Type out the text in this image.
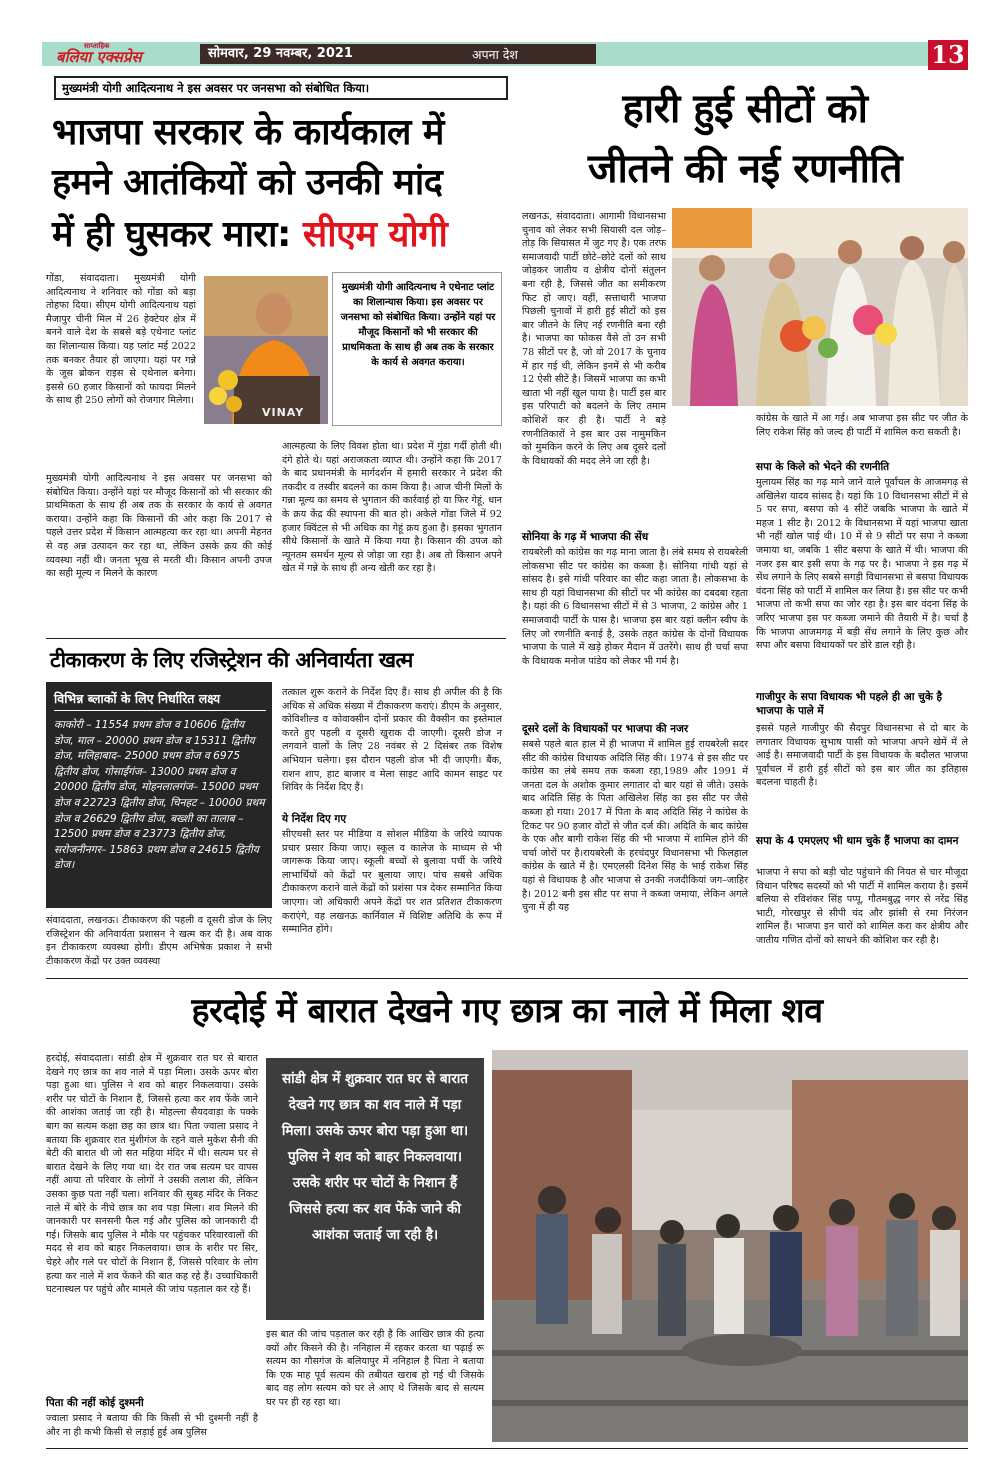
साप्ताहिक
बलिया एक्सप्रेस	सोमवार, 29 नवम्बर, 2021	अपना देश	13
मुख्यमंत्री योगी आदित्यनाथ ने इस अवसर पर जनसभा को संबोधित किया।
भाजपा सरकार के कार्यकाल में
हमने आतंकियों को उनकी मांद
में ही घुसकर मारा: सीएम योगी
गोंडा, संवाददाता। मुख्यमंत्री योगी आदित्यनाथ ने शनिवार को गोंडा को बड़ा तोहफा दिया। सीएम योगी आदित्यनाथ यहां मैजापुर चीनी मिल में 26 हेक्टेयर क्षेत्र में बनने वाले देश के सबसे बड़े एथेनाट प्लांट का शिलान्यास किया। यह प्लांट मई 2022 तक बनकर तैयार हो जाएगा। यहां पर गन्ने के जूस ब्रोकन राइस से एथेनाल बनेगा। इससे 60 हजार किसानों को फायदा मिलने के साथ ही 250 लोगों को रोजगार मिलेगा।
VINAY
मुख्यमंत्री योगी आदित्यनाथ ने एथेनाट प्लांट का शिलान्यास किया। इस अवसर पर जनसभा को संबोधित किया। उन्होंने यहां पर मौजूद किसानों को भी सरकार की प्राथमिकता के साथ ही अब तक के सरकार के कार्य से अवगत कराया।
मुख्यमंत्री योगी आदित्यनाथ ने इस अवसर पर जनसभा को संबोधित किया। उन्होंने यहां पर मौजूद किसानों को भी सरकार की प्राथमिकता के साथ ही अब तक के सरकार के कार्य से अवगत कराया। उन्होंने कहा कि किसानों की ओर कहा कि 2017 से पहले उत्तर प्रदेश में किसान आत्महत्या कर रहा था। अपनी मेहनत से वह अन्न उत्पादन कर रहा था, लेकिन उसके क्रय की कोई व्यवस्था नहीं थी। जनता भूख से मरती थी। किसान अपनी उपज का सही मूल्य न मिलने के कारण
आत्महत्या के लिए विवश होता था। प्रदेश में गुंडा गर्दी होती थी। दंगे होते थे। यहां अराजकता व्याप्त थी। उन्होंने कहा कि 2017 के बाद प्रधानमंत्री के मार्गदर्शन में हमारी सरकार ने प्रदेश की तकदीर व तस्वीर बदलने का काम किया है। आज चीनी मिलों के गन्ना मूल्य का समय से भुगतान की कार्रवाई हो या फिर गेहूं, धान के क्रय केंद्र की स्थापना की बात हो। अकेले गोंडा जिले में 92 हजार क्विंटल से भी अधिक का गेहूं क्रय हुआ है। इसका भुगतान सीधे किसानों के खाते में किया गया है। किसान की उपज को न्यूनतम समर्थन मूल्य से जोड़ा जा रहा है। अब तो किसान अपने खेत में गन्ने के साथ ही अन्य खेती कर रहा है।
टीकाकरण के लिए रजिस्ट्रेशन की अनिवार्यता खत्म
विभिन्न ब्लाकों के लिए निर्धारित लक्ष्य
काकोरी – 11554 प्रथम डोज व 10606 द्वितीय डोज, माल – 20000 प्रथम डोज व 15311 द्वितीय डोज, मलिहाबाद– 25000 प्रथम डोज व 6975 द्वितीय डोज, गोसाईंगंज– 13000 प्रथम डोज व 20000 द्वितीय डोज, मोहनलालगंज– 15000 प्रथम डोज व 22723 द्वितीय डोज, चिनहट – 10000 प्रथम डोज व 26629 द्वितीय डोज, बख्शी का तालाब – 12500 प्रथम डोज व 23773 द्वितीय डोज, सरोजनीनगर– 15863 प्रथम डोज व 24615 द्वितीय डोज।
संवाददाता, लखनऊ। टीकाकरण की पहली व दूसरी डोज के लिए रजिस्ट्रेशन की अनिवार्यता प्रशासन ने खत्म कर दी है। अब वाक इन टीकाकरण व्यवस्था होगी। डीएम अभिषेक प्रकाश ने सभी टीकाकरण केंद्रों पर उक्त व्यवस्था
तत्काल शुरू कराने के निर्देश दिए हैं। साथ ही अपील की है कि अधिक से अधिक संख्या में टीकाकरण कराएं। डीएम के अनुसार, कोविशील्ड व कोवाक्सीन दोनों प्रकार की वैक्सीन का इस्तेमाल करते हुए पहली व दूसरी खुराक दी जाएगी। दूसरी डोज न लगवाने वालों के लिए 28 नवंबर से 2 दिसंबर तक विशेष अभियान चलेगा। इस दौरान पहली डोज भी दी जाएगी। बैंक, राशन शाप, हाट बाजार व मेला साइट आदि कामन साइट पर शिविर के निर्देश दिए हैं।
ये निर्देश दिए गए
सीएचसी स्तर पर मीडिया व सोशल मीडिया के जरिये व्यापक प्रचार प्रसार किया जाए। स्कूल व कालेज के माध्यम से भी जागरूक किया जाए। स्कूली बच्चों से बुलावा पर्ची के जरिये लाभार्थियों को केंद्रों पर बुलाया जाए। पांच सबसे अधिक टीकाकरण कराने वाले केंद्रों को प्रशंसा पत्र देकर सम्मानित किया जाएगा। जो अधिकारी अपने केंद्रों पर शत प्रतिशत टीकाकरण कराएंगे, वह लखनऊ कार्निवाल में विशिष्ट अतिथि के रूप में सम्मानित होंगे।
हारी हुई सीटों को
जीतने की नई रणनीति
लखनऊ, संवाददाता। आगामी विधानसभा चुनाव को लेकर सभी सियासी दल जोड़–तोड़ कि सियासत में जुट गए है। एक तरफ समाजवादी पार्टी छोटे–छोटे दलों को साथ जोड़कर जातीय व क्षेत्रीय दोनों संतुलन बना रही है, जिससे जीत का समीकरण फिट हो जाए। वहीं, सत्ताधारी भाजपा पिछली चुनावों में हारी हुई सीटों को इस बार जीतने के लिए नई रणनीति बना रही है। भाजपा का फोकस वैसे तो उन सभी 78 सीटों पर है, जो वो 2017 के चुनाव में हार गई थी, लेकिन इनमें से भी करीब 12 ऐसी सीटें है। जिसमें भाजपा का कभी खाता भी नहीं खुल पाया है। पार्टी इस बार इस परिपाटी को बदलने के लिए तमाम कोशिशें कर ही है। पार्टी ने बड़े रणनीतिकारों ने इस बार उस नामुमकिन को मुमकिन करने के लिए अब दूसरे दलों के विधायकों की मदद लेने जा रही है।
कांग्रेस के खाते में आ गई। अब भाजपा इस सीट पर जीत के लिए राकेश सिंह को जल्द ही पार्टी में शामिल करा सकती है।
सपा के किले को भेदने की रणनीति
मुलायम सिंह का गढ़ माने जाने वाले पूर्वांचल के आजमगढ़ से अखिलेश यादव सांसद है। यहां कि 10 विधानसभा सीटों में से 5 पर सपा, बसपा को 4 सीटें जबकि भाजपा के खाते में महज 1 सीट है। 2012 के विधानसभा में यहां भाजपा खाता भी नहीं खोल पाई थी। 10 में से 9 सीटों पर सपा ने कब्जा जमाया था, जबकि 1 सीट बसपा के खाते में थी। भाजपा की नजर इस बार इसी सपा के गढ़ पर है। भाजपा ने इस गढ़ में सेंध लगाने के लिए सबसे सगड़ी विधानसभा से बसपा विधायक वंदना सिंह को पार्टी में शामिल कर लिया है। इस सीट पर कभी भाजपा तो कभी सपा का जोर रहा है। इस बार वंदना सिंह के जरिए भाजपा इस पर कब्जा जमाने की तैयारी में है। चर्चा है कि भाजपा आजमगढ़ में बड़ी सेंध लगाने के लिए कुछ और सपा और बसपा विधायकों पर डोरे डाल रही है।
गाजीपुर के सपा विधायक भी पहले ही आ चुके है भाजपा के पाले में
इससे पहले गाजीपुर की सैदपुर विधानसभा से दो बार के लगातार विधायक सुभाष पासी को भाजपा अपने खेमें में ले आई है। समाजवादी पार्टी के इस विधायक के बदौलत भाजपा पूर्वांचल में हारी हुई सीटों को इस बार जीत का इतिहास बदलना चाहती है।
सपा के 4 एमएलए भी थाम चुके हैं भाजपा का दामन
भाजपा ने सपा को बड़ी चोट पहुंचाने की नियत से चार मौजूदा विधान परिषद सदस्यों को भी पार्टी में शामिल कराया है। इसमें बलिया से रविशंकर सिंह पप्पू, गौतमबुद्ध नगर से नरेंद्र सिंह भाटी, गोरखपुर से सीपी चंद और झांसी से रमा निरंजन शामिल हैं। भाजपा इन चारों को शामिल करा कर क्षेत्रीय और जातीय गणित दोनों को साधने की कोशिश कर रही है।
सोनिया के गढ़ में भाजपा की सेंध
रायबरेली को कांग्रेस का गढ़ माना जाता है। लंबे समय से रायबरेली लोकसभा सीट पर कांग्रेस का कब्जा है। सोनिया गांधी यहां से सांसद है। इसे गांधी परिवार का सीट कहा जाता है। लोकसभा के साथ ही यहां विधानसभा की सीटों पर भी कांग्रेस का दबदबा रहता है। यहां की 6 विधानसभा सीटों में से 3 भाजपा, 2 कांग्रेस और 1 समाजवादी पार्टी के पास है। भाजपा इस बार यहां क्लीन स्वीप के लिए जो रणनीति बनाई है, उसके तहत कांग्रेस के दोनों विधायक भाजपा के पाले में खड़े होकर मैदान में उतरेंगे। साथ ही चर्चा सपा के विधायक मनोज पांडेय को लेकर भी गर्म है।
दूसरे दलों के विधायकों पर भाजपा की नजर
सबसे पहले बात हाल में ही भाजपा में शामिल हुई रायबरेली सदर सीट की कांग्रेस विधायक अदिति सिंह की। 1974 से इस सीट पर कांग्रेस का लंबे समय तक कब्जा रहा,1989 और 1991 में जनता दल के अशोक कुमार लगातार दो बार यहां से जीते। उसके बाद अदिति सिंह के पिता अखिलेश सिंह का इस सीट पर जैसे कब्जा हो गया। 2017 में पिता के बाद अदिति सिंह ने कांग्रेस के टिकट पर 90 हजार वोटों से जीत दर्ज की। अदिति के बाद कांग्रेस के एक और बागी राकेश सिंह की भी भाजपा में शामिल होने की चर्चा जोरों पर है।रायबरेली के हरचंदपुर विधानसभा भी फिलहाल कांग्रेस के खाते में है। एमएलसी दिनेश सिंह के भाई राकेश सिंह यहां से विधायक है और भाजपा से उनकी नजदीकियां जग–जाहिर है। 2012 बनी इस सीट पर सपा ने कब्जा जमाया, लेकिन अगले चुना में ही यह
हरदोई में बारात देखने गए छात्र का नाले में मिला शव
हरदोई, संवाददाता। सांडी क्षेत्र में शुक्रवार रात घर से बारात देखने गए छात्र का शव नाले में पड़ा मिला। उसके ऊपर बोरा पड़ा हुआ था। पुलिस ने शव को बाहर निकलवाया। उसके शरीर पर चोटों के निशान हैं, जिससे हत्या कर शव फेंके जाने की आशंका जताई जा रही है। मोहल्ला सैयदवाड़ा के पक्के बाग का सत्यम कक्षा छह का छात्र था। पिता ज्वाला प्रसाद ने बताया कि शुक्रवार रात मुंशीगंज के रहने वाले मुकेश सैनी की बेटी की बारात थी जो सत महिया मंदिर में थी। सत्यम घर से बारात देखने के लिए गया था। देर रात जब सत्यम घर वापस नहीं आया तो परिवार के लोगों ने उसकी तलाश की, लेकिन उसका कुछ पता नहीं चला। शनिवार की सुबह मंदिर के निकट नाले में बोरे के नीचे छात्र का शव पड़ा मिला। शव मिलने की जानकारी पर सनसनी फैल गई और पुलिस को जानकारी दी गई। जिसके बाद पुलिस ने मौके पर पहुंचकर परिवारवालों की मदद से शव को बाहर निकलवाया। छात्र के शरीर पर सिर, चेहरे और गले पर चोटों के निशान हैं, जिससे परिवार के लोग हत्या कर नाले में शव फेंकने की बात कह रहे हैं। उच्चाधिकारी घटनास्थल पर पहुंचे और मामले की जांच पड़ताल कर रहे हैं।
पिता की नहीं कोई दुश्मनी
ज्वाला प्रसाद ने बताया की कि किसी से भी दुश्मनी नहीं है और ना ही कभी किसी से लड़ाई हुई अब पुलिस
सांडी क्षेत्र में शुक्रवार रात घर से बारात देखने गए छात्र का शव नाले में पड़ा मिला। उसके ऊपर बोरा पड़ा हुआ था। पुलिस ने शव को बाहर निकलवाया। उसके शरीर पर चोटों के निशान हैं जिससे हत्या कर शव फेंके जाने की आशंका जताई जा रही है।
इस बात की जांच पड़ताल कर रही है कि आखिर छात्र की हत्या क्यों और किसने की है। ननिहाल में रहकर करता था पढ़ाई रू सत्यम का गौसगंज के बलियापुर में ननिहाल है पिता ने बताया कि एक माह पूर्व सत्यम की तबीयत खराब हो गई थी जिसके बाद वह लोग सत्यम को घर ले आए थे जिसके बाद से सत्यम घर पर ही रह रहा था।
